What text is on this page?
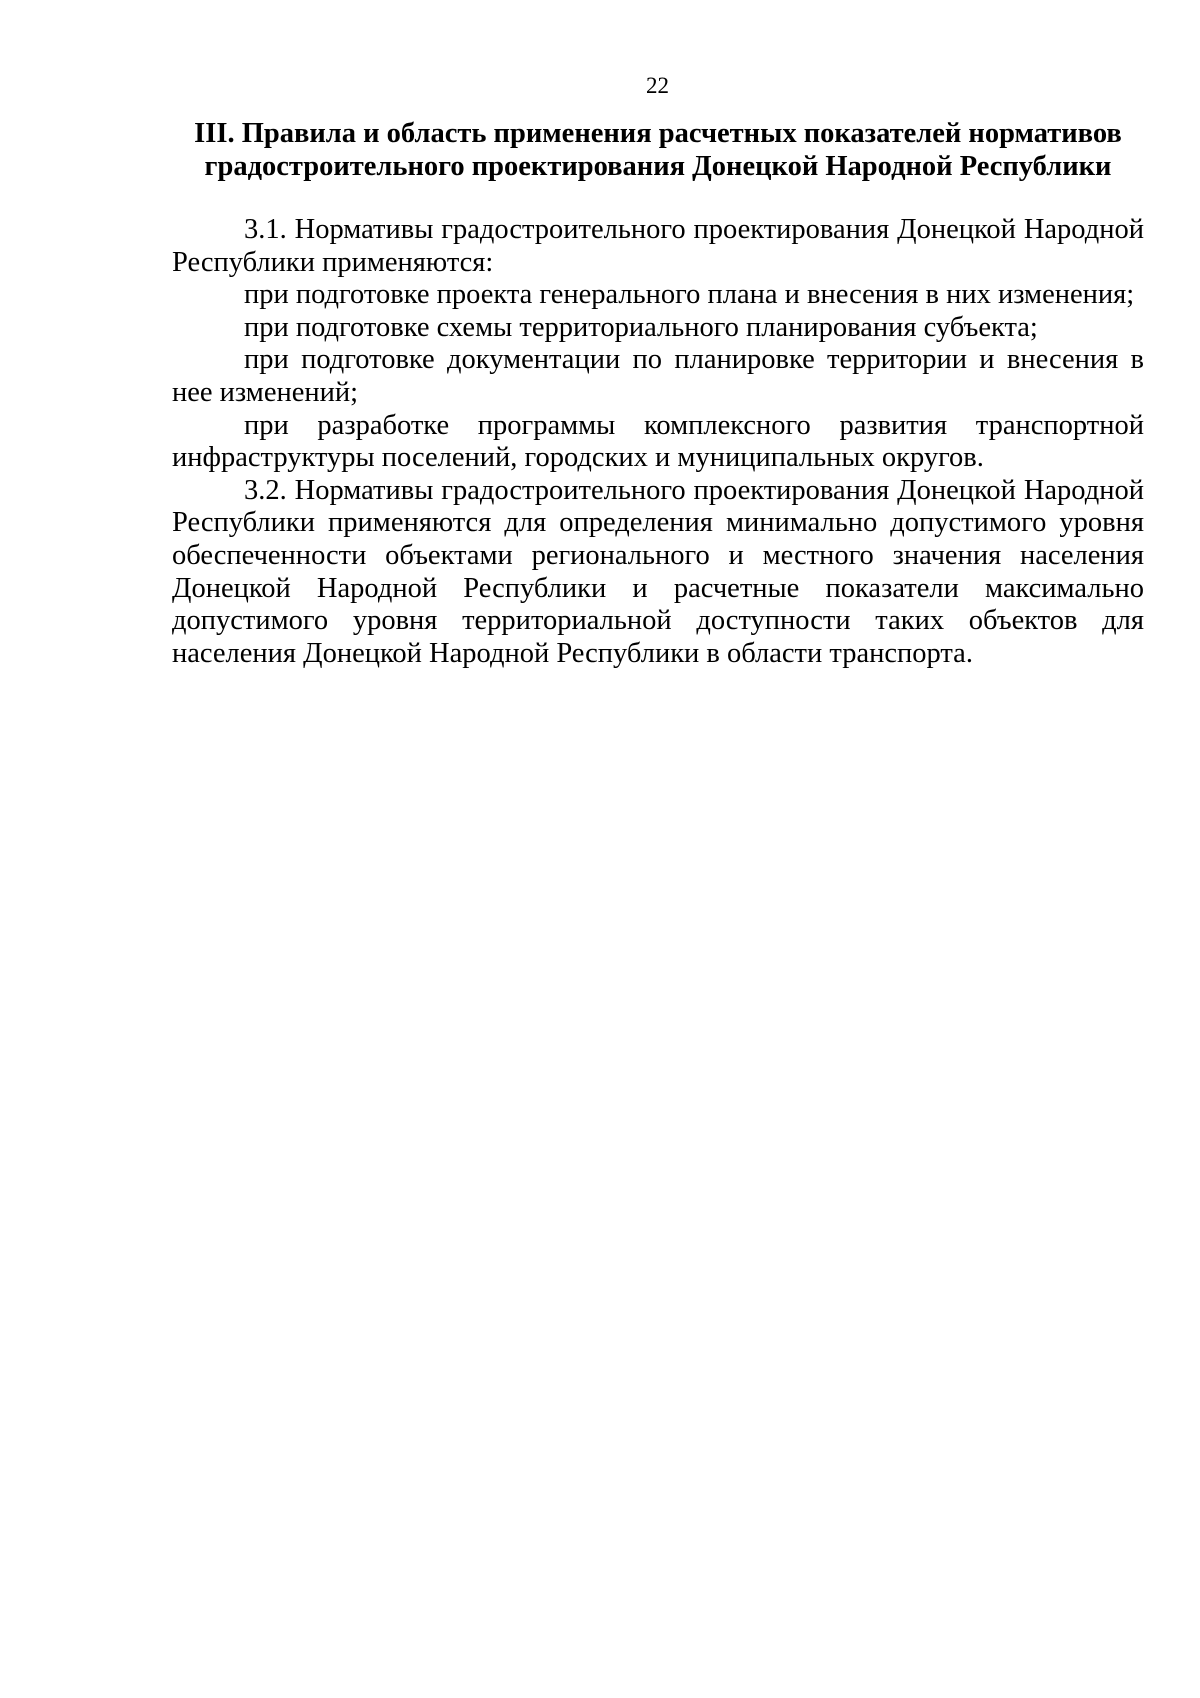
22
III. Правила и область применения расчетных показателей нормативов
градостроительного проектирования Донецкой Народной Республики

3.1. Нормативы градостроительного проектирования Донецкой Народной Республики применяются:

при подготовке проекта генерального плана и внесения в них изменения;

при подготовке схемы территориального планирования субъекта;

при подготовке документации по планировке территории и внесения в нее изменений;

при разработке программы комплексного развития транспортной инфраструктуры поселений, городских и муниципальных округов.

3.2. Нормативы градостроительного проектирования Донецкой Народной Республики применяются для определения минимально допустимого уровня обеспеченности объектами регионального и местного значения населения Донецкой Народной Республики и расчетные показатели максимально допустимого уровня территориальной доступности таких объектов для населения Донецкой Народной Республики в области транспорта.
